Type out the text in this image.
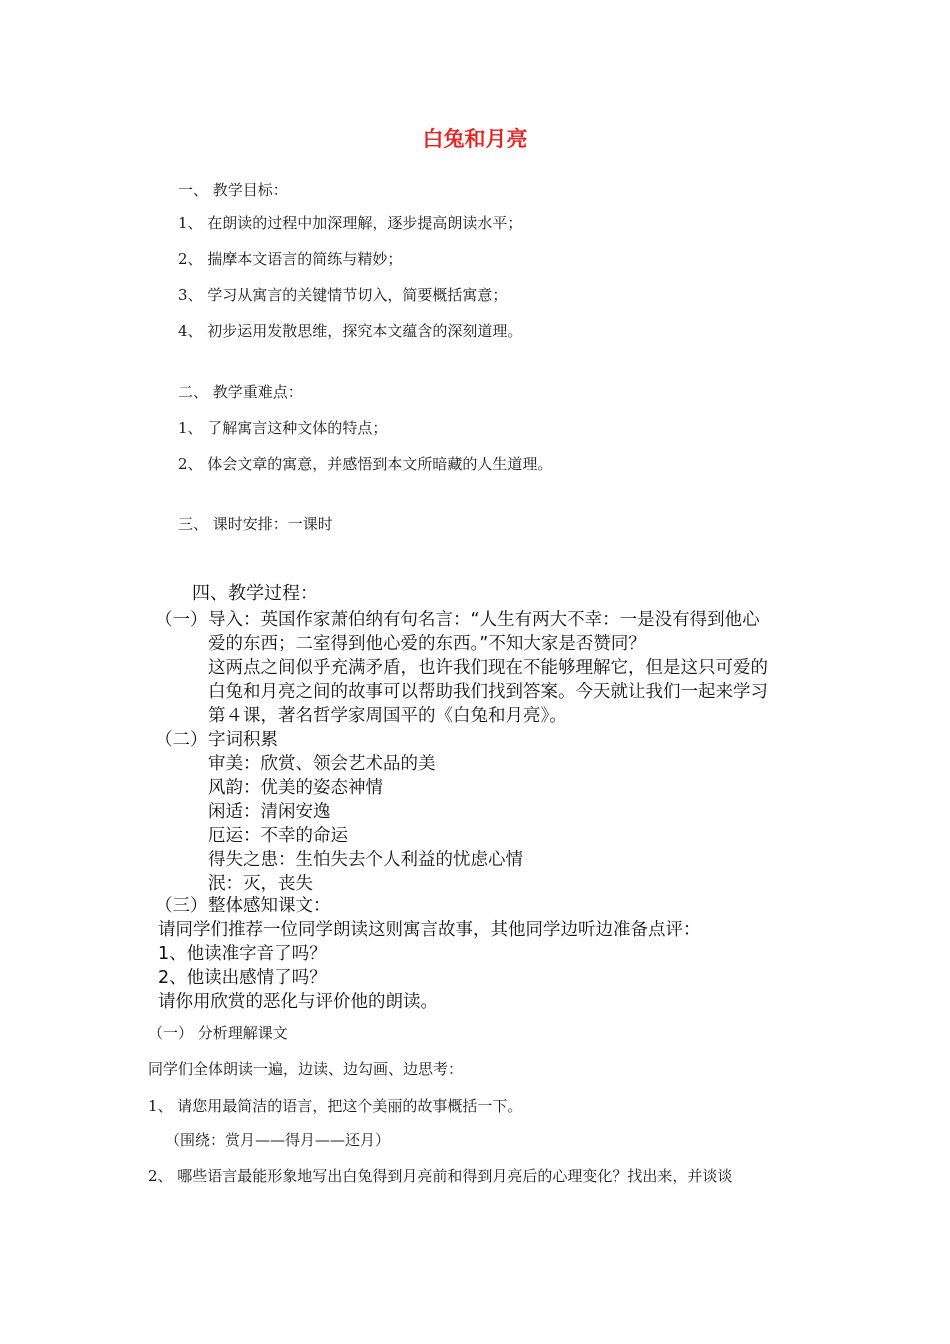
白兔和月亮
一、 教学目标：
1、 在朗读的过程中加深理解，逐步提高朗读水平；
2、 揣摩本文语言的简练与精妙；
3、 学习从寓言的关键情节切入，简要概括寓意；
4、 初步运用发散思维，探究本文蕴含的深刻道理。
二、 教学重难点：
1、 了解寓言这种文体的特点；
2、 体会文章的寓意，并感悟到本文所暗藏的人生道理。
三、 课时安排：一课时
四、教学过程：
（一） 导入：英国作家萧伯纳有句名言：“人生有两大不幸：一是没有得到他心
爱的东西；二室得到他心爱的东西。”不知大家是否赞同？
这两点之间似乎充满矛盾，也许我们现在不能够理解它，但是这只可爱的
白兔和月亮之间的故事可以帮助我们找到答案。今天就让我们一起来学习
第４课，著名哲学家周国平的《白兔和月亮》。
（二） 字词积累
审美：欣赏、领会艺术品的美
风韵：优美的姿态神情
闲适：清闲安逸
厄运：不幸的命运
得失之患：生怕失去个人利益的忧虑心情
泯：灭，丧失
（三） 整体感知课文：
请同学们推荐一位同学朗读这则寓言故事，其他同学边听边准备点评：
1、他读准字音了吗？
2、他读出感情了吗？
请你用欣赏的恶化与评价他的朗读。
（一） 分析理解课文
同学们全体朗读一遍，边读、边勾画、边思考：
1、 请您用最简洁的语言，把这个美丽的故事概括一下。
（围绕：赏月——得月——还月）
2、 哪些语言最能形象地写出白兔得到月亮前和得到月亮后的心理变化？找出来，并谈谈
